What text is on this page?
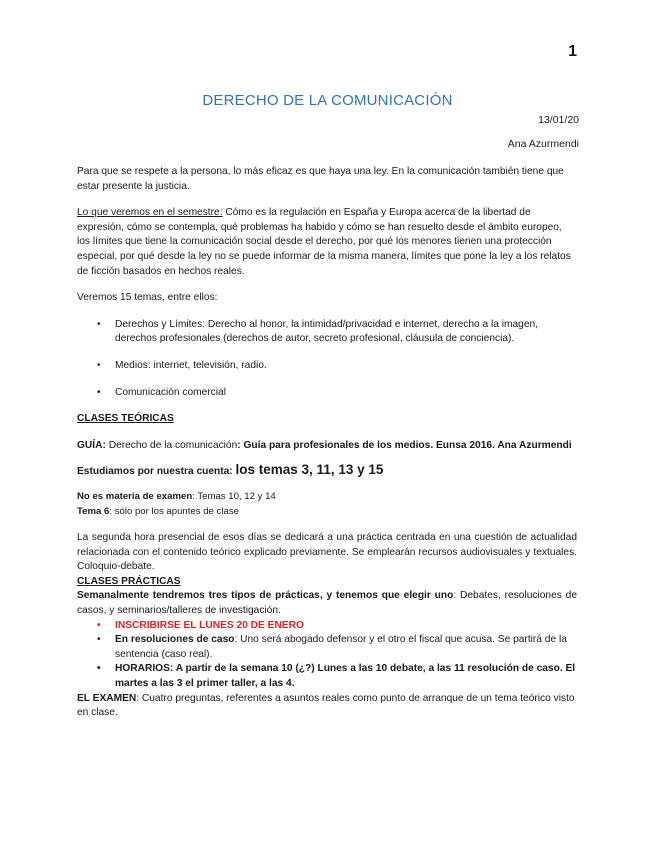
1
DERECHO DE LA COMUNICACIÓN
13/01/20
Ana Azurmendi

Para que se respete a la persona, lo más eficaz es que haya una ley. En la comunicación también tiene que estar presente la justicia.

Lo que veremos en el semestre: Cómo es la regulación en España y Europa acerca de la libertad de expresión, cómo se contempla, qué problemas ha habido y cómo se han resuelto desde el ámbito europeo, los límites que tiene la comunicación social desde el derecho, por qué los menores tienen una protección especial, por qué desde la ley no se puede informar de la misma manera, límites que pone la ley a los relatos de ficción basados en hechos reales.

Veremos 15 temas, entre ellos:

• Derechos y Límites: Derecho al honor, la intimidad/privacidad e internet, derecho a la imagen, derechos profesionales (derechos de autor, secreto profesional, cláusula de conciencia).
• Medios: internet, televisión, radio.
• Comunicación comercial

CLASES TEÓRICAS

GUÍA: Derecho de la comunicación: Guía para profesionales de los medios. Eunsa 2016. Ana Azurmendi

Estudiamos por nuestra cuenta: los temas 3, 11, 13 y 15

No es materia de examen: Temas 10, 12 y 14

Tema 6: sólo por los apuntes de clase

La segunda hora presencial de esos días se dedicará a una práctica centrada en una cuestión de actualidad relacionada con el contenido teórico explicado previamente. Se emplearán recursos audiovisuales y textuales. Coloquio-debate.

CLASES PRÁCTICAS

Semanalmente tendremos tres tipos de prácticas, y tenemos que elegir uno: Debates, resoluciones de casos, y seminarios/talleres de investigación.

• INSCRIBIRSE EL LUNES 20 DE ENERO
• En resoluciones de caso: Uno será abogado defensor y el otro el fiscal que acusa. Se partirá de la sentencia (caso real).
• HORARIOS: A partir de la semana 10 (¿?) Lunes a las 10 debate, a las 11 resolución de caso. El martes a las 3 el primer taller, a las 4.

EL EXAMEN: Cuatro preguntas, referentes a asuntos reales como punto de arranque de un tema teórico visto en clase.
